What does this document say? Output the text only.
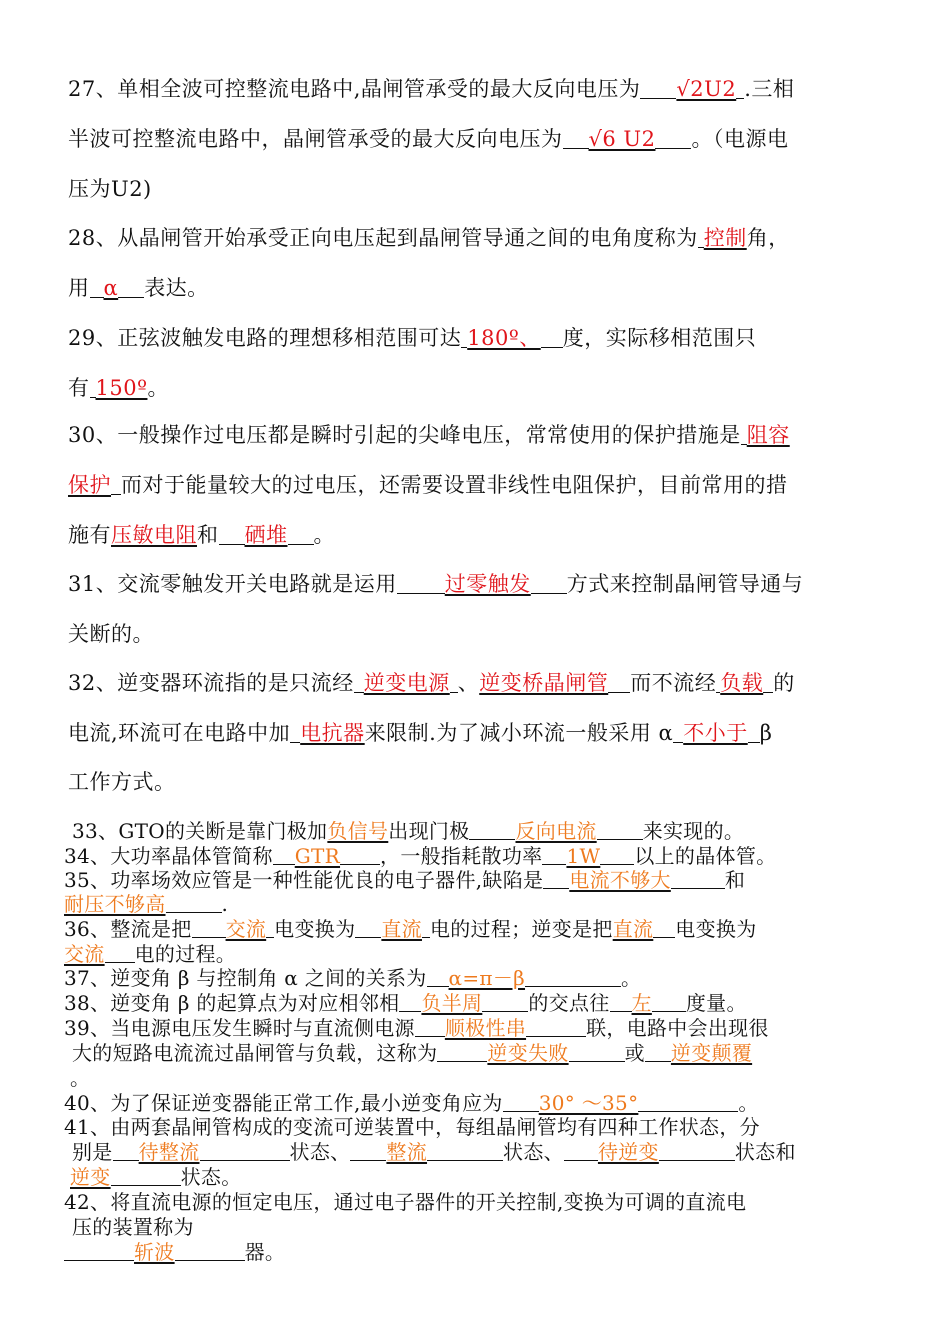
27、单相全波可控整流电路中,晶闸管承受的最大反向电压为 √2U2 .三相
半波可控整流电路中，晶闸管承受的最大反向电压为 √6 U2 。（电源电
压为U2)
28、从晶闸管开始承受正向电压起到晶闸管导通之间的电角度称为 控制角，
用 α 表达。
29、正弦波触发电路的理想移相范围可达 180º、 度，实际移相范围只
有 150º。
30、一般操作过电压都是瞬时引起的尖峰电压，常常使用的保护措施是 阻容
保护 而对于能量较大的过电压，还需要设置非线性电阻保护，目前常用的措
施有压敏电阻和 硒堆 。
31、交流零触发开关电路就是运用 过零触发 方式来控制晶闸管导通与
关断的。
32、逆变器环流指的是只流经 逆变电源 、逆变桥晶闸管 而不流经 负载 的
电流,环流可在电路中加 电抗器来限制.为了减小环流一般采用 α 不小于 β
工作方式。
33、GTO的关断是靠门极加负信号出现门极 反向电流 来实现的。
34、大功率晶体管简称 GTR ，一般指耗散功率 1W 以上的晶体管。
35、功率场效应管是一种性能优良的电子器件,缺陷是 电流不够大	和
耐压不够高	.
36、整流是把 交流 电变换为 直流 电的过程；逆变是把直流 电变换为
交流 电的过程。
37、逆变角 β 与控制角 α 之间的关系为 α=π－β	。
38、逆变角 β 的起算点为对应相邻相 负半周 的交点往 左 度量。
39、当电源电压发生瞬时与直流侧电源 顺极性串	联，电路中会出现很
大的短路电流流过晶闸管与负载，这称为	逆变失败	或 逆变颠覆
。
40、为了保证逆变器能正常工作,最小逆变角应为 30° ～35°	。
41、由两套晶闸管构成的变流可逆装置中，每组晶闸管均有四种工作状态，分
别是 待整流	状态、 整流	状态、 待逆变	状态和
逆变	状态。
42、将直流电源的恒定电压，通过电子器件的开关控制,变换为可调的直流电
压的装置称为
斩波	器。
